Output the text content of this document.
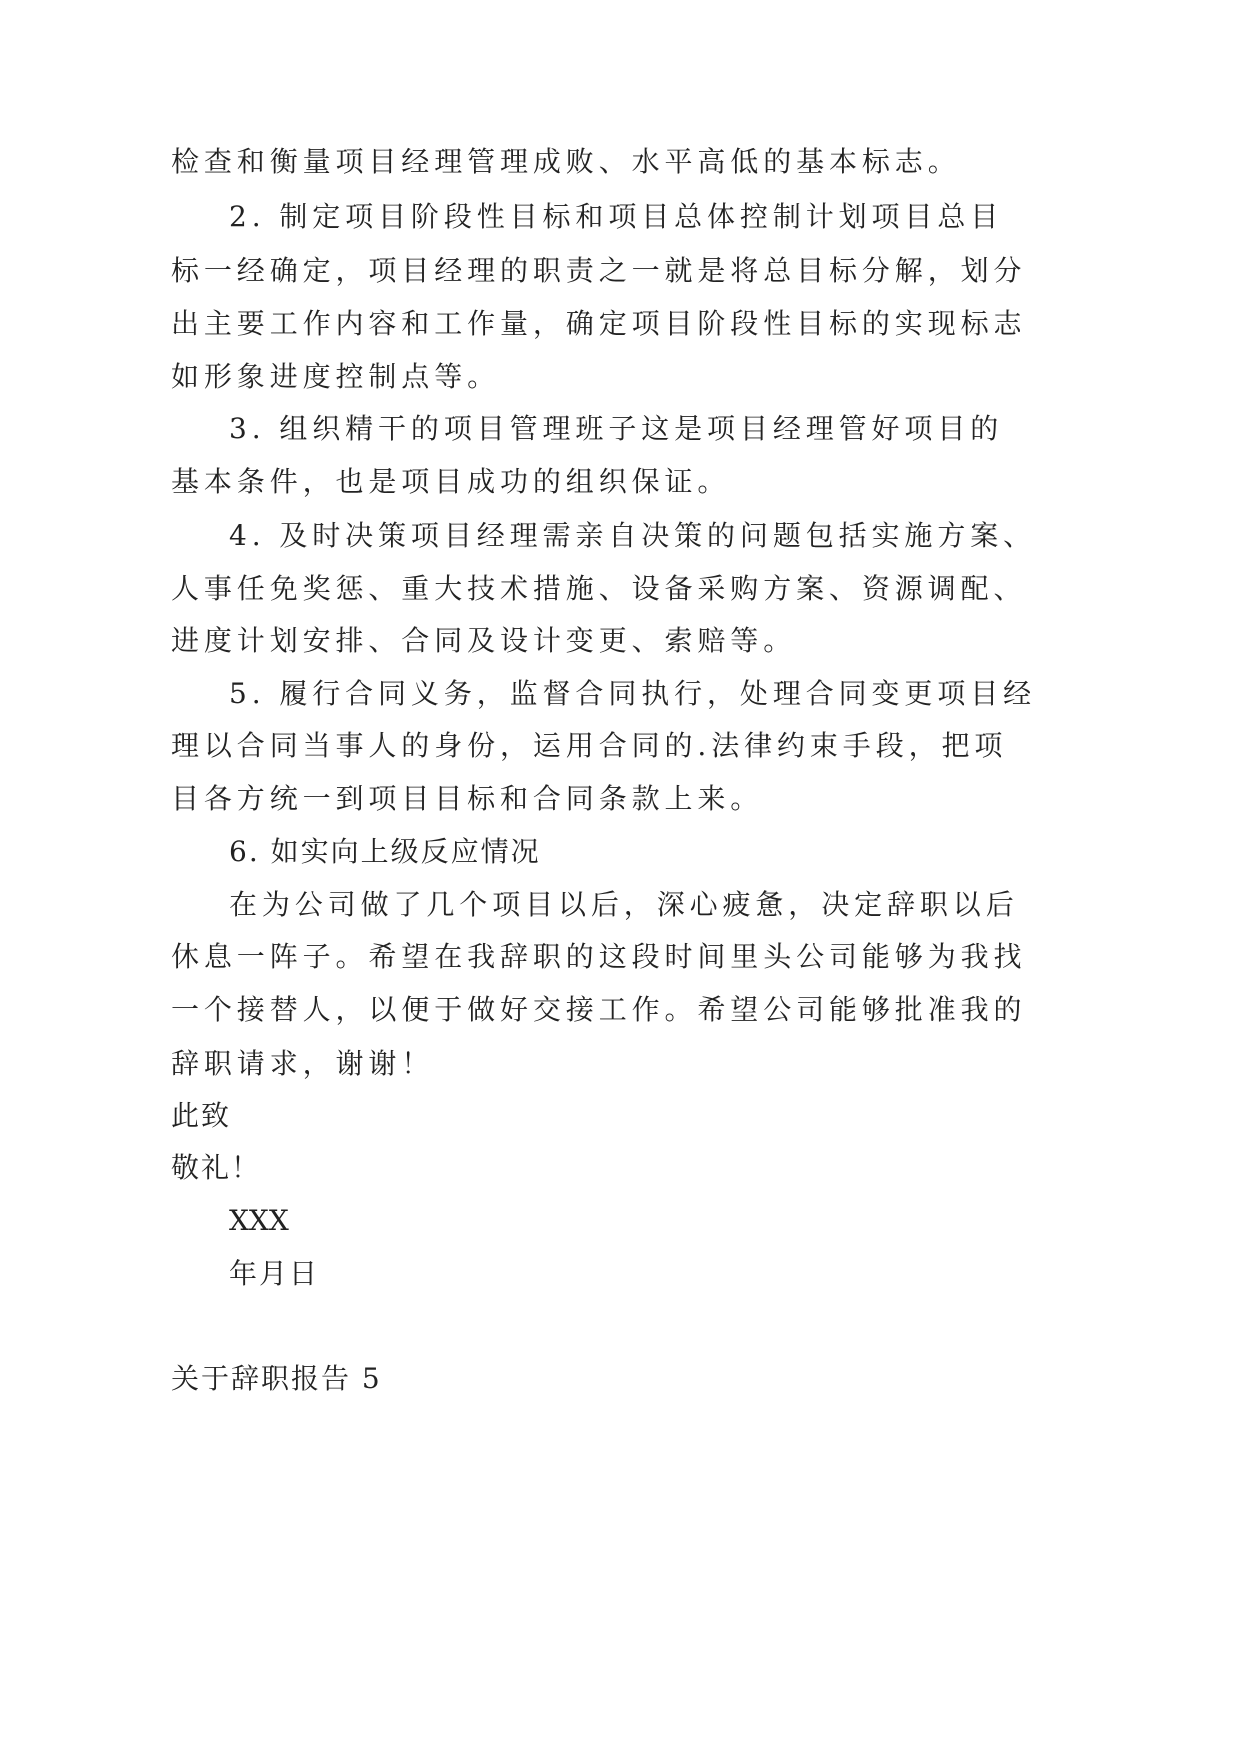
检查和衡量项目经理管理成败、水平高低的基本标志。
2. 制定项目阶段性目标和项目总体控制计划项目总目
标一经确定，项目经理的职责之一就是将总目标分解，划分
出主要工作内容和工作量，确定项目阶段性目标的实现标志
如形象进度控制点等。
3. 组织精干的项目管理班子这是项目经理管好项目的
基本条件，也是项目成功的组织保证。
4. 及时决策项目经理需亲自决策的问题包括实施方案、
人事任免奖惩、重大技术措施、设备采购方案、资源调配、
进度计划安排、合同及设计变更、索赔等。
5. 履行合同义务，监督合同执行，处理合同变更项目经
理以合同当事人的身份，运用合同的.法律约束手段，把项
目各方统一到项目目标和合同条款上来。
6. 如实向上级反应情况
在为公司做了几个项目以后，深心疲惫，决定辞职以后
休息一阵子。希望在我辞职的这段时间里头公司能够为我找
一个接替人，以便于做好交接工作。希望公司能够批准我的
辞职请求，谢谢！
此致
敬礼！
XXX
年月日
关于辞职报告 5
